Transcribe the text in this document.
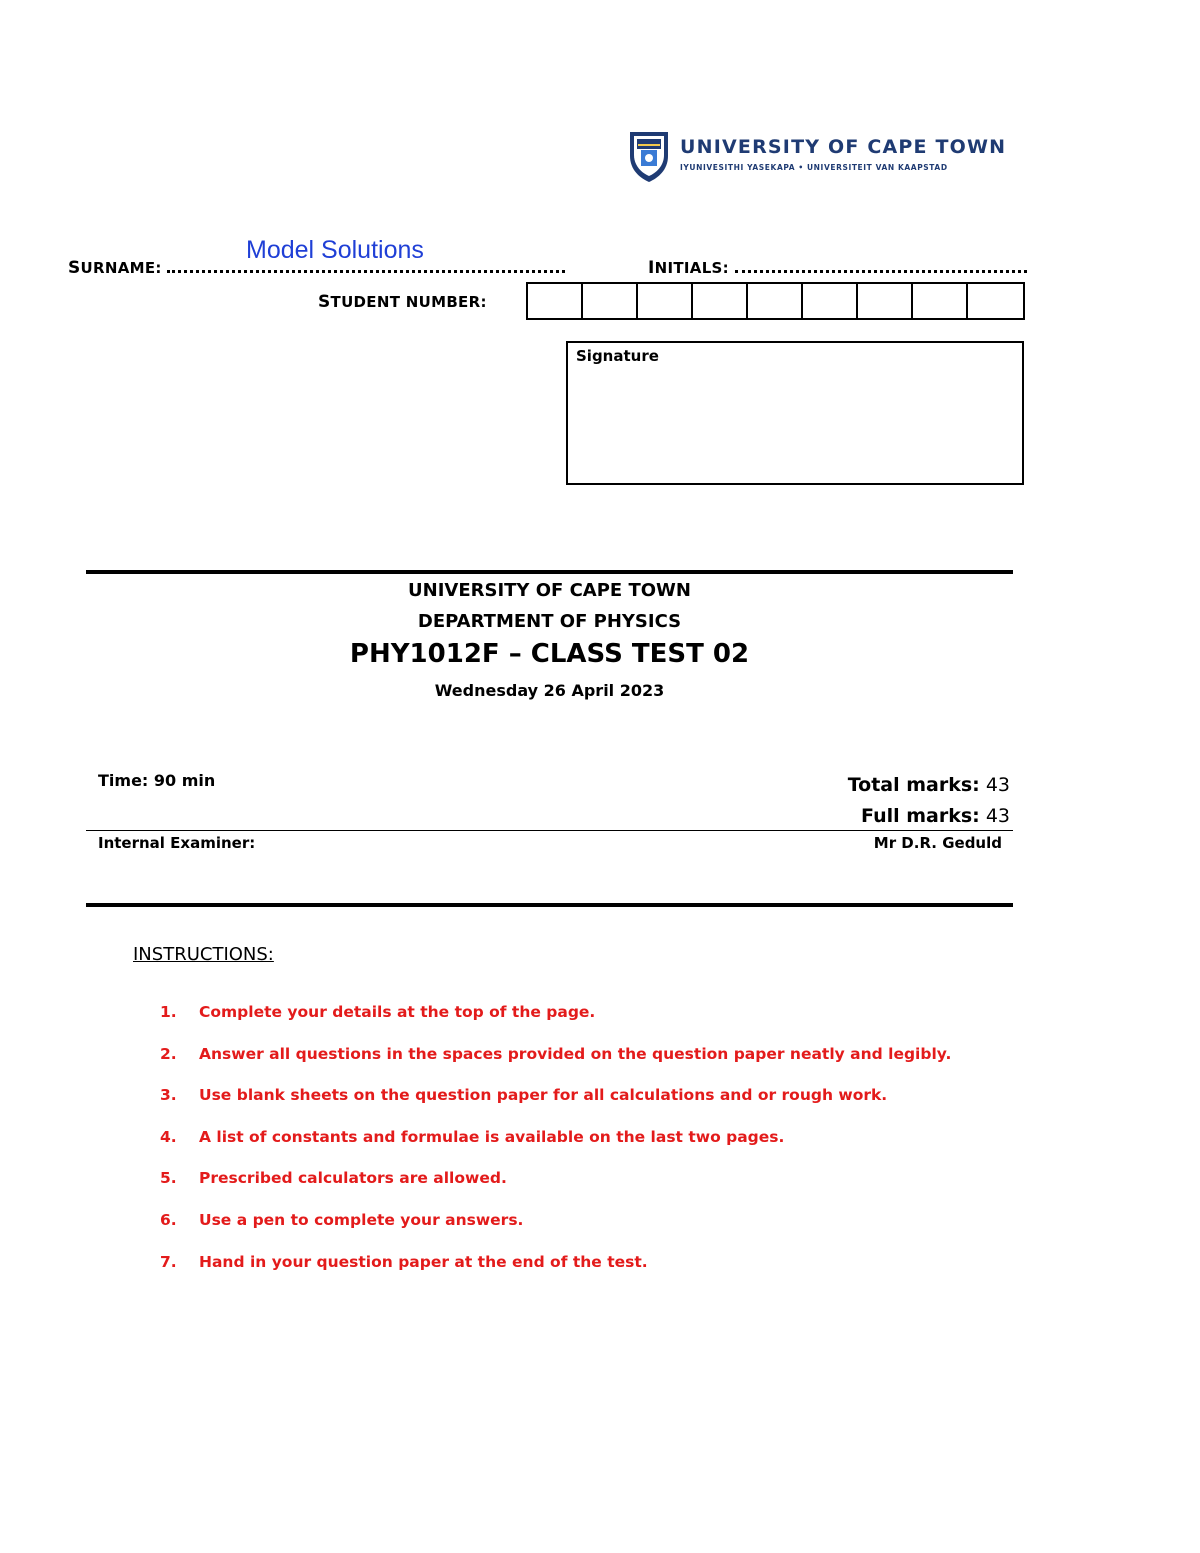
UNIVERSITY OF CAPE TOWN
IYUNIVESITHI YASEKAPA • UNIVERSITEIT VAN KAAPSTAD
Model Solutions
SURNAME:	INITIALS:
STUDENT NUMBER:
Signature
UNIVERSITY OF CAPE TOWN
DEPARTMENT OF PHYSICS
PHY1012F – CLASS TEST 02
Wednesday 26 April 2023
Time: 90 min	Total marks: 43
Full marks: 43
Internal Examiner:	Mr D.R. Geduld
INSTRUCTIONS:
1.	Complete your details at the top of the page.
2.	Answer all questions in the spaces provided on the question paper neatly and legibly.
3.	Use blank sheets on the question paper for all calculations and or rough work.
4.	A list of constants and formulae is available on the last two pages.
5.	Prescribed calculators are allowed.
6.	Use a pen to complete your answers.
7.	Hand in your question paper at the end of the test.
